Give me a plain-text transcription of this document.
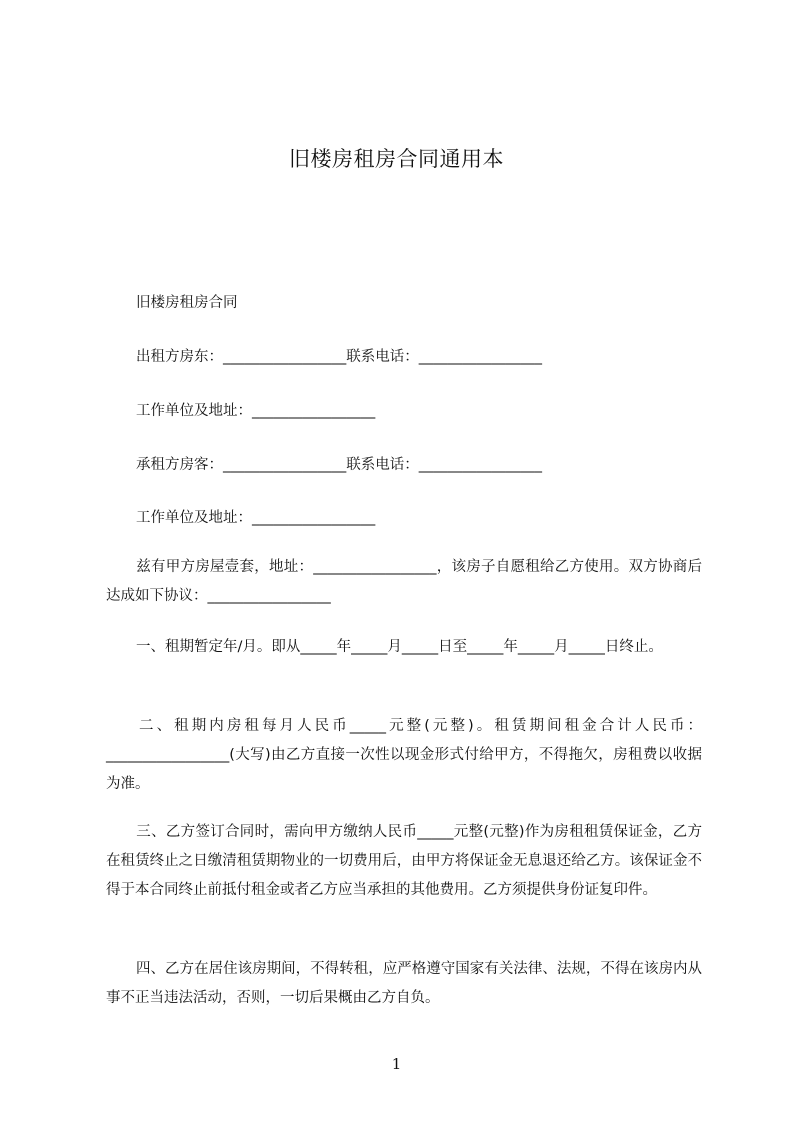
旧楼房租房合同通用本
旧楼房租房合同
出租方房东：_________________联系电话：_________________
工作单位及地址：_________________
承租方房客：_________________联系电话：_________________
工作单位及地址：_________________
兹有甲方房屋壹套，地址：_________________，该房子自愿租给乙方使用。双方协商后达成如下协议：_________________
一、租期暂定年/月。即从_____年_____月_____日至_____年_____月_____日终止。
二、租期内房租每月人民币_____元整(元整)。租赁期间租金合计人民币：_________________(大写)由乙方直接一次性以现金形式付给甲方，不得拖欠，房租费以收据为准。
三、乙方签订合同时，需向甲方缴纳人民币_____元整(元整)作为房租租赁保证金，乙方在租赁终止之日缴清租赁期物业的一切费用后，由甲方将保证金无息退还给乙方。该保证金不得于本合同终止前抵付租金或者乙方应当承担的其他费用。乙方须提供身份证复印件。
四、乙方在居住该房期间，不得转租，应严格遵守国家有关法律、法规，不得在该房内从事不正当违法活动，否则，一切后果概由乙方自负。
1
